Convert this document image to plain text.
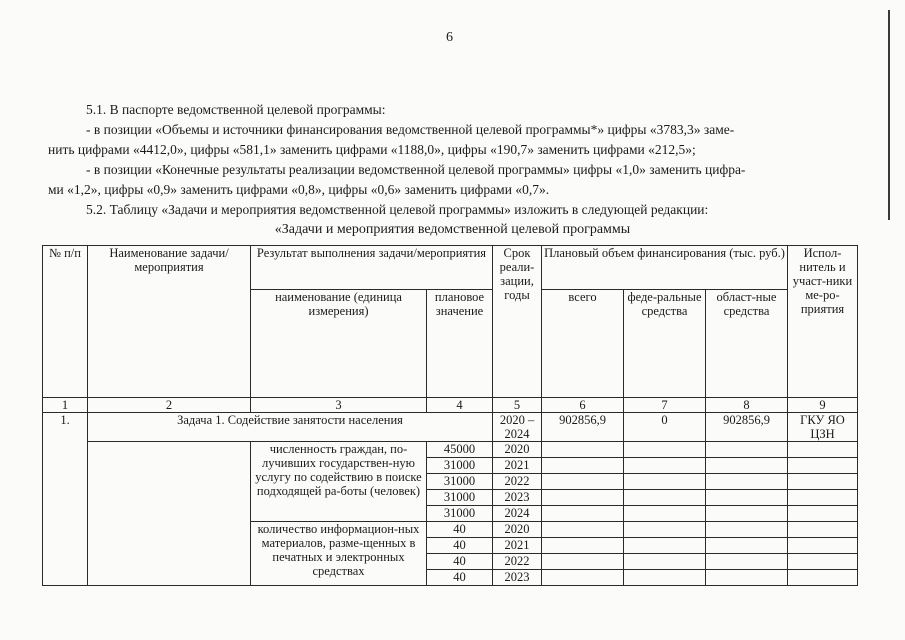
6

5.1. В паспорте ведомственной целевой программы:

- в позиции «Объемы и источники финансирования ведомственной целевой программы*» цифры «3783,3» заме-

нить цифрами «4412,0», цифры «581,1» заменить цифрами «1188,0», цифры «190,7» заменить цифрами «212,5»;

- в позиции «Конечные результаты реализации ведомственной целевой программы» цифры «1,0» заменить цифра-

ми «1,2», цифры «0,9» заменить цифрами «0,8», цифры «0,6» заменить цифрами «0,7».

5.2. Таблицу «Задачи и мероприятия ведомственной целевой программы» изложить в следующей редакции:

«Задачи и мероприятия ведомственной целевой программы
№ п/п	Наименование задачи/мероприятия	Результат выполнения задачи/мероприятия		Срок реали-зации, годы	Плановый объем финансирования (тыс. руб.)			Испол-нитель и участ-ники ме-ро-приятия
		наименование (единица измерения)	плановое значение		всего	феде-ральные средства	област-ные средства	
1	2	3	4	5	6	7	8	9
1.	Задача 1. Содействие занятости населения			2020 – 2024	902856,9	0	902856,9	ГКУ ЯО ЦЗН
		численность граждан, по-лучивших государствен-ную услугу по содействию в поиске подходящей ра-боты (человек)	45000	2020				
			31000	2021				
			31000	2022				
			31000	2023				
			31000	2024				
		количество информацион-ных материалов, разме-щенных в печатных и электронных средствах	40	2020				
			40	2021				
			40	2022				
			40	2023				
